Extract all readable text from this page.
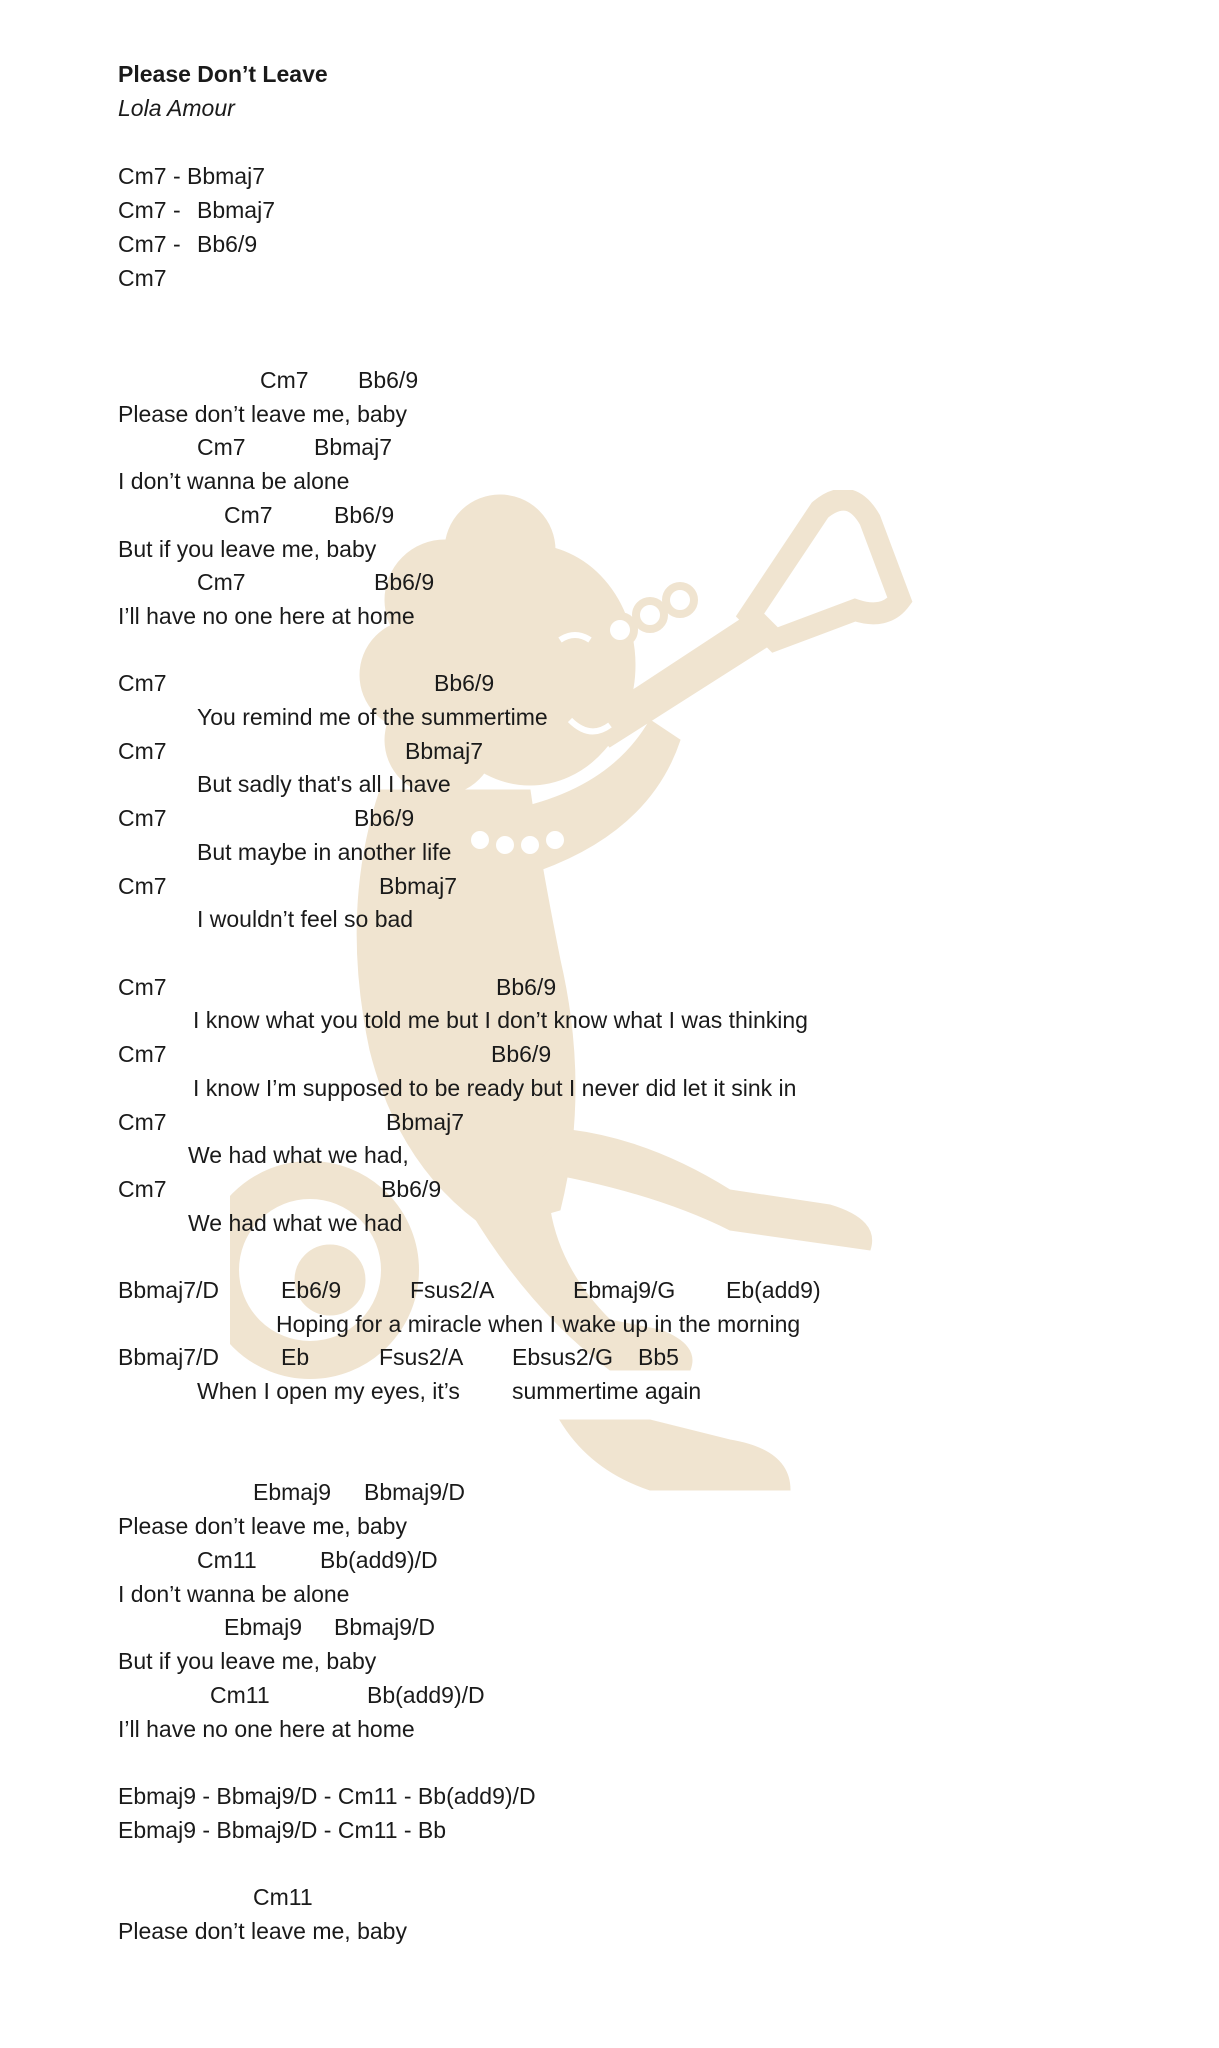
Please Don’t Leave
Lola Amour
Cm7 - Bbmaj7
Cm7 - Bbmaj7
Cm7 - Bb6/9
Cm7
Cm7 Bb6/9
Please don’t leave me, baby
Cm7	Bbmaj7
I don’t wanna be alone
Cm7	Bb6/9
But if you leave me, baby
Cm7	Bb6/9
I’ll have no one here at home
Cm7	Bb6/9
You remind me of the summertime
Cm7	Bbmaj7
But sadly that's all I have
Cm7	Bb6/9
But maybe in another life
Cm7	Bbmaj7
I wouldn’t feel so bad
Cm7	Bb6/9
I know what you told me but I don’t know what I was thinking
Cm7	Bb6/9
I know I’m supposed to be ready but I never did let it sink in
Cm7	Bbmaj7
We had what we had,
Cm7	Bb6/9
We had what we had
Bbmaj7/D	Eb6/9	Fsus2/A	Ebmaj9/G Eb(add9)
Hoping for a miracle when I wake up in the morning
Bbmaj7/D	Eb	Fsus2/A Ebsus2/G Bb5
When I open my eyes, it’s summertime again
Ebmaj9 Bbmaj9/D
Please don’t leave me, baby
Cm11	Bb(add9)/D
I don’t wanna be alone
Ebmaj9 Bbmaj9/D
But if you leave me, baby
Cm11	Bb(add9)/D
I’ll have no one here at home
Ebmaj9 - Bbmaj9/D - Cm11 - Bb(add9)/D
Ebmaj9 - Bbmaj9/D - Cm11 - Bb
Cm11
Please don’t leave me, baby
